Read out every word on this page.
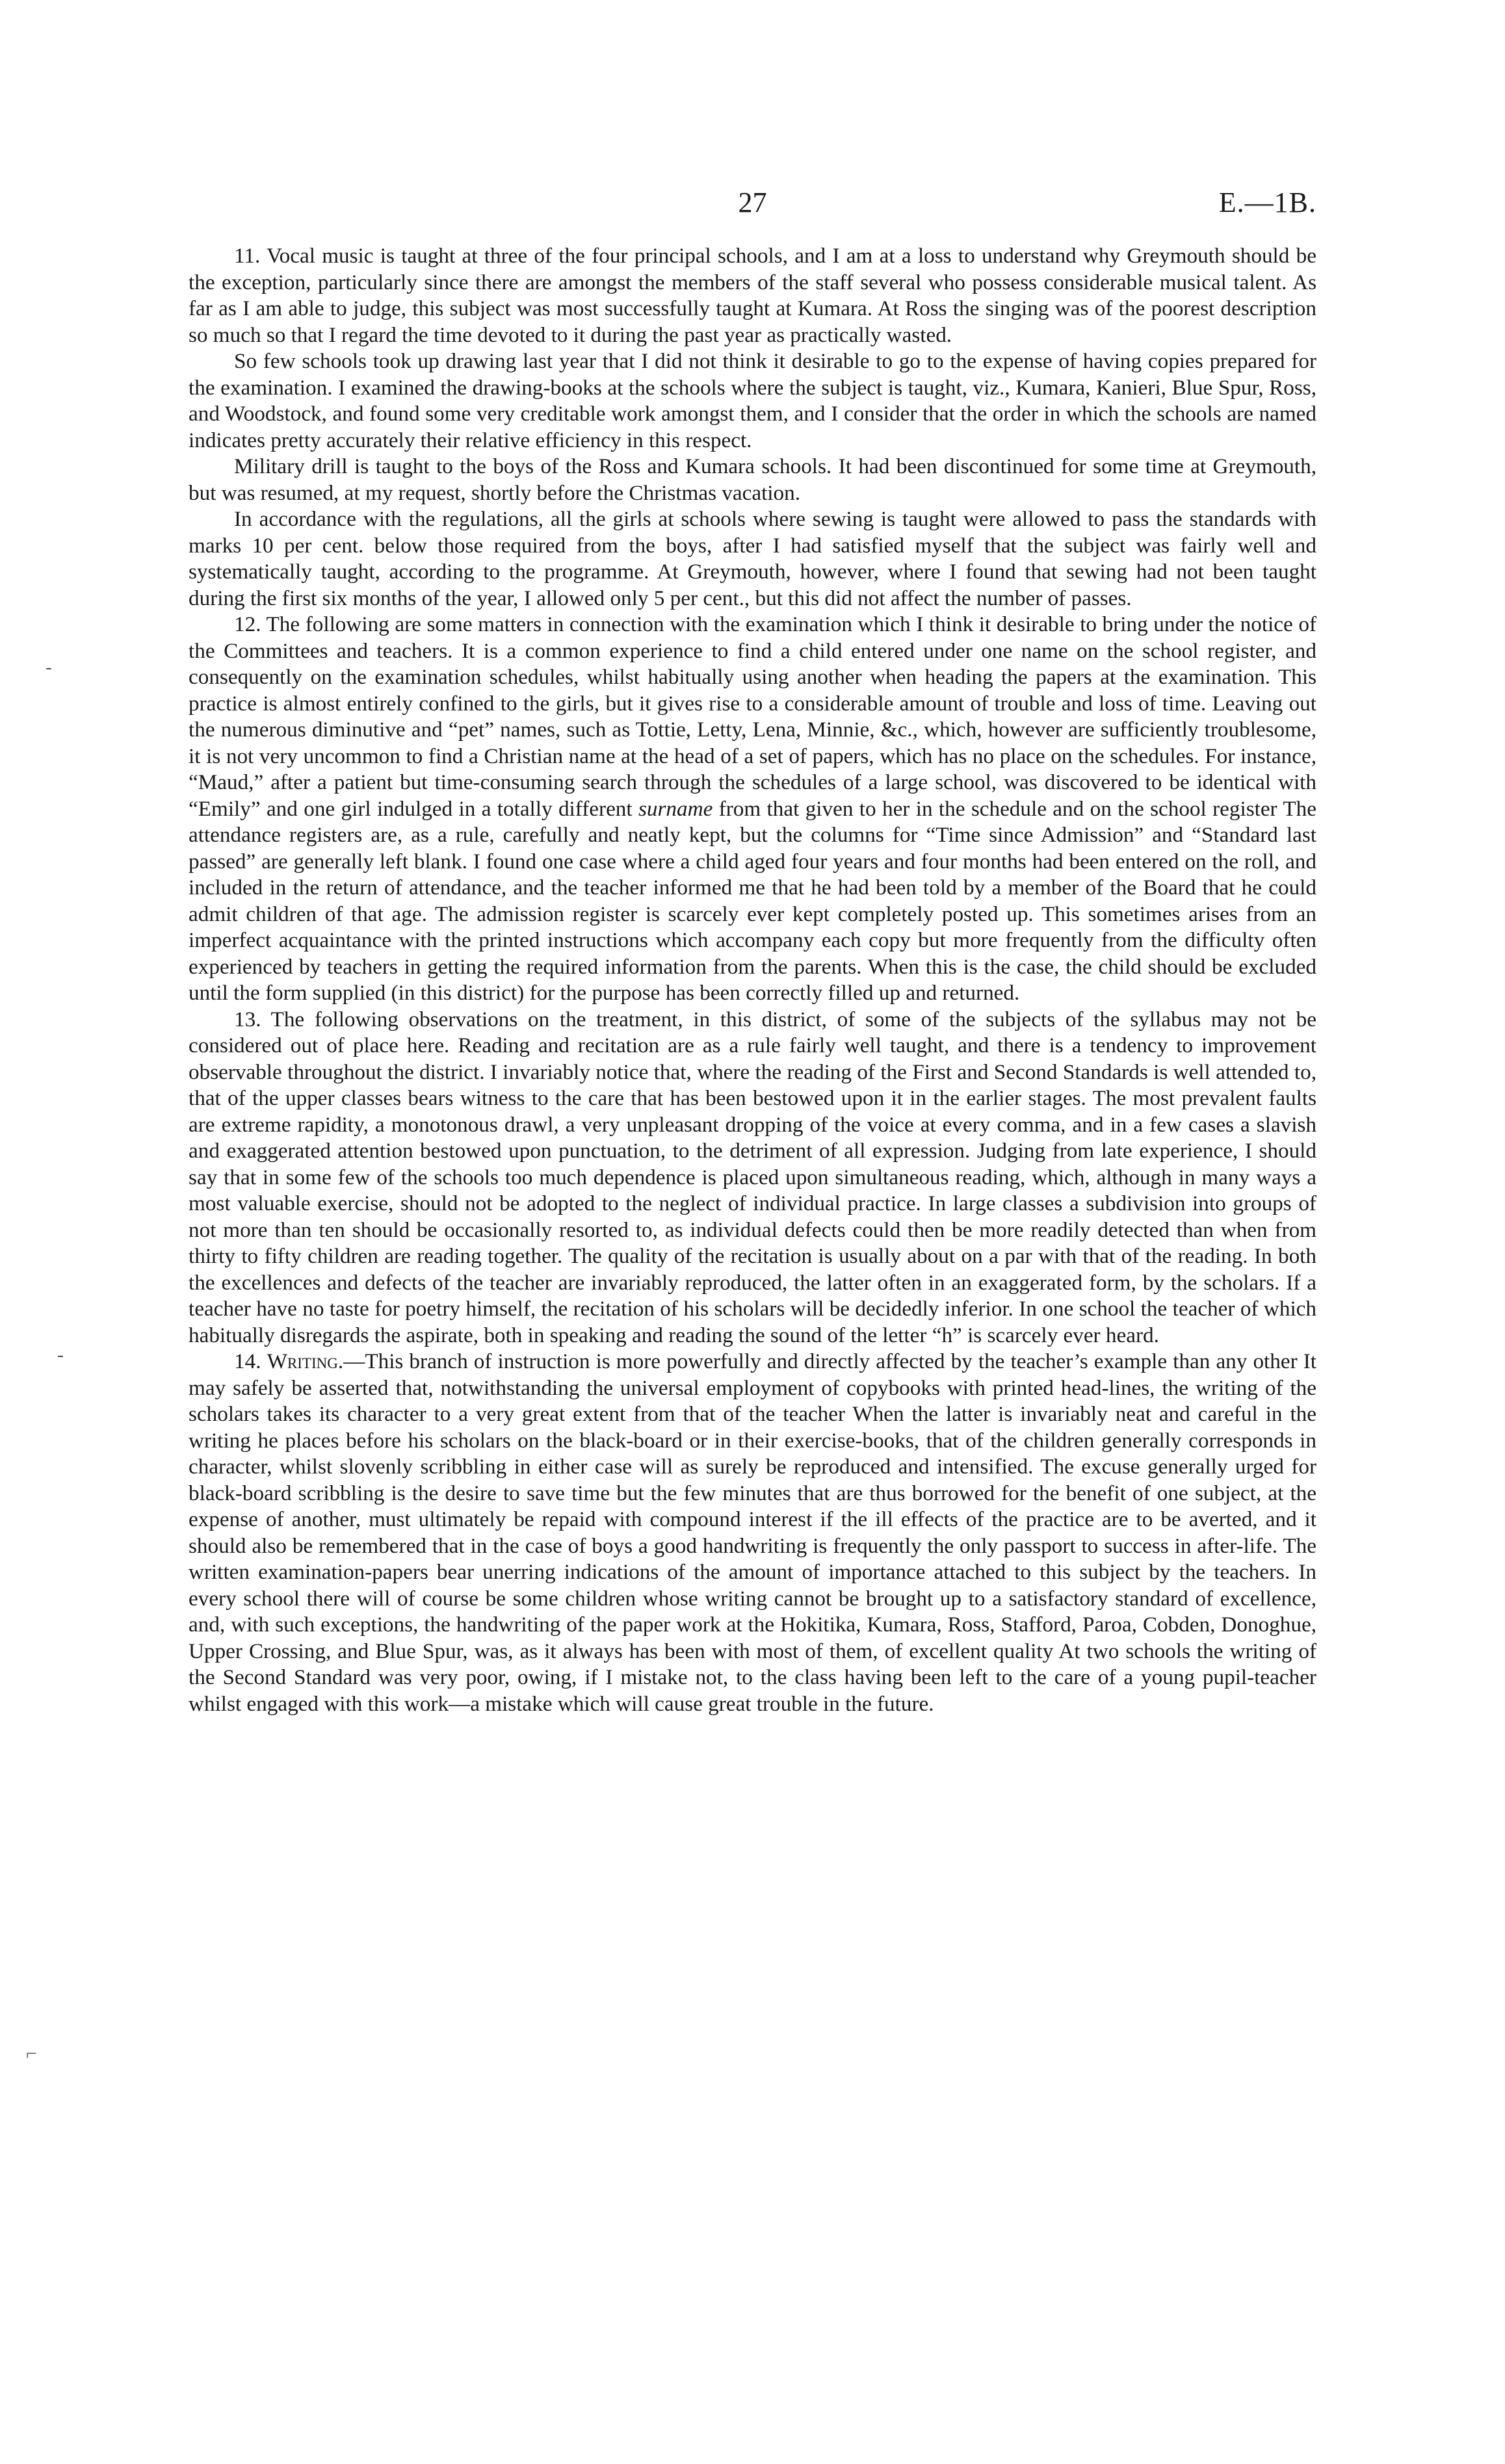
27	E.—1B.
‐
‑
⌐

11. Vocal music is taught at three of the four principal schools, and I am at a loss to understand why Greymouth should be the exception, particularly since there are amongst the members of the staff several who possess considerable musical talent. As far as I am able to judge, this subject was most successfully taught at Kumara. At Ross the singing was of the poorest description so much so that I regard the time devoted to it during the past year as practically wasted.

So few schools took up drawing last year that I did not think it desirable to go to the expense of having copies prepared for the examination. I examined the drawing-books at the schools where the subject is taught, viz., Kumara, Kanieri, Blue Spur, Ross, and Woodstock, and found some very creditable work amongst them, and I consider that the order in which the schools are named indicates pretty accurately their relative efficiency in this respect.

Military drill is taught to the boys of the Ross and Kumara schools. It had been discontinued for some time at Greymouth, but was resumed, at my request, shortly before the Christmas vacation.

In accordance with the regulations, all the girls at schools where sewing is taught were allowed to pass the standards with marks 10 per cent. below those required from the boys, after I had satisfied myself that the subject was fairly well and systematically taught, according to the programme. At Greymouth, however, where I found that sewing had not been taught during the first six months of the year, I allowed only 5 per cent., but this did not affect the number of passes.

12. The following are some matters in connection with the examination which I think it desirable to bring under the notice of the Committees and teachers. It is a common experience to find a child entered under one name on the school register, and consequently on the examination schedules, whilst habitually using another when heading the papers at the examination. This practice is almost entirely confined to the girls, but it gives rise to a considerable amount of trouble and loss of time. Leaving out the numerous diminutive and “pet” names, such as Tottie, Letty, Lena, Minnie, &c., which, however are sufficiently troublesome, it is not very uncommon to find a Christian name at the head of a set of papers, which has no place on the schedules. For instance, “Maud,” after a patient but time-consuming search through the schedules of a large school, was discovered to be identical with “Emily” and one girl indulged in a totally different surname from that given to her in the schedule and on the school register The attendance registers are, as a rule, carefully and neatly kept, but the columns for “Time since Admission” and “Standard last passed” are generally left blank. I found one case where a child aged four years and four months had been entered on the roll, and included in the return of attendance, and the teacher informed me that he had been told by a member of the Board that he could admit children of that age. The admission register is scarcely ever kept completely posted up. This sometimes arises from an imperfect acquaintance with the printed instructions which accompany each copy but more frequently from the difficulty often experienced by teachers in getting the required information from the parents. When this is the case, the child should be excluded until the form supplied (in this district) for the purpose has been correctly filled up and returned.

13. The following observations on the treatment, in this district, of some of the subjects of the syllabus may not be considered out of place here. Reading and recitation are as a rule fairly well taught, and there is a tendency to improvement observable throughout the district. I invariably notice that, where the reading of the First and Second Standards is well attended to, that of the upper classes bears witness to the care that has been bestowed upon it in the earlier stages. The most prevalent faults are extreme rapidity, a monotonous drawl, a very unpleasant dropping of the voice at every comma, and in a few cases a slavish and exaggerated attention bestowed upon punctuation, to the detriment of all expression. Judging from late experience, I should say that in some few of the schools too much dependence is placed upon simultaneous reading, which, although in many ways a most valuable exercise, should not be adopted to the neglect of individual practice. In large classes a subdivision into groups of not more than ten should be occasionally resorted to, as individual defects could then be more readily detected than when from thirty to fifty children are reading together. The quality of the recitation is usually about on a par with that of the reading. In both the excellences and defects of the teacher are invariably reproduced, the latter often in an exaggerated form, by the scholars. If a teacher have no taste for poetry himself, the recitation of his scholars will be decidedly inferior. In one school the teacher of which habitually disregards the aspirate, both in speaking and reading the sound of the letter “h” is scarcely ever heard.

14. Writing.—This branch of instruction is more powerfully and directly affected by the teacher’s example than any other It may safely be asserted that, notwithstanding the universal employment of copybooks with printed head-lines, the writing of the scholars takes its character to a very great extent from that of the teacher When the latter is invariably neat and careful in the writing he places before his scholars on the black-board or in their exercise-books, that of the children generally corresponds in character, whilst slovenly scribbling in either case will as surely be reproduced and intensified. The excuse generally urged for black-board scribbling is the desire to save time but the few minutes that are thus borrowed for the benefit of one subject, at the expense of another, must ultimately be repaid with compound interest if the ill effects of the practice are to be averted, and it should also be remembered that in the case of boys a good handwriting is frequently the only passport to success in after-life. The written examination-papers bear unerring indications of the amount of importance attached to this subject by the teachers. In every school there will of course be some children whose writing cannot be brought up to a satisfactory standard of excellence, and, with such exceptions, the handwriting of the paper work at the Hokitika, Kumara, Ross, Stafford, Paroa, Cobden, Donoghue, Upper Crossing, and Blue Spur, was, as it always has been with most of them, of excellent quality At two schools the writing of the Second Standard was very poor, owing, if I mistake not, to the class having been left to the care of a young pupil-teacher whilst engaged with this work—a mistake which will cause great trouble in the future.
